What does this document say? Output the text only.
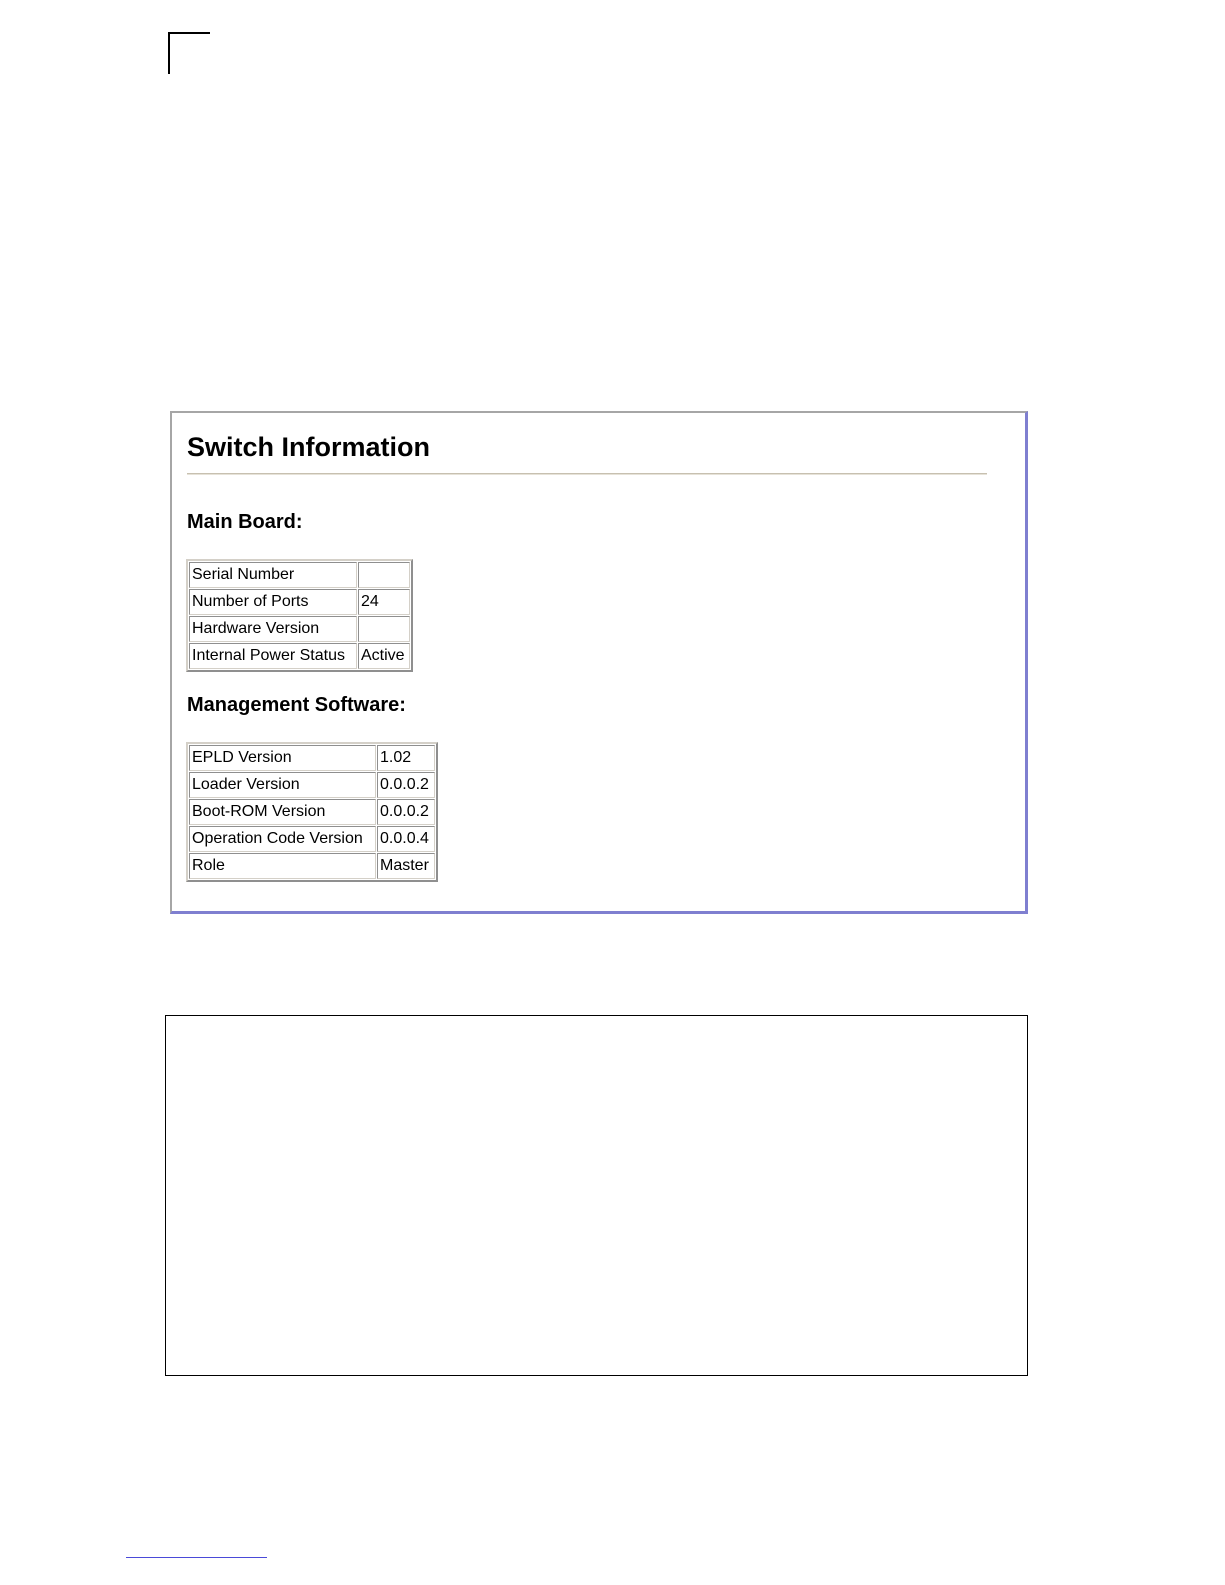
Switch Information
Main Board:
Serial Number	
Number of Ports	24
Hardware Version	
Internal Power Status	Active
Management Software:
EPLD Version	1.02
Loader Version	0.0.0.2
Boot-ROM Version	0.0.0.2
Operation Code Version	0.0.0.4
Role	Master
